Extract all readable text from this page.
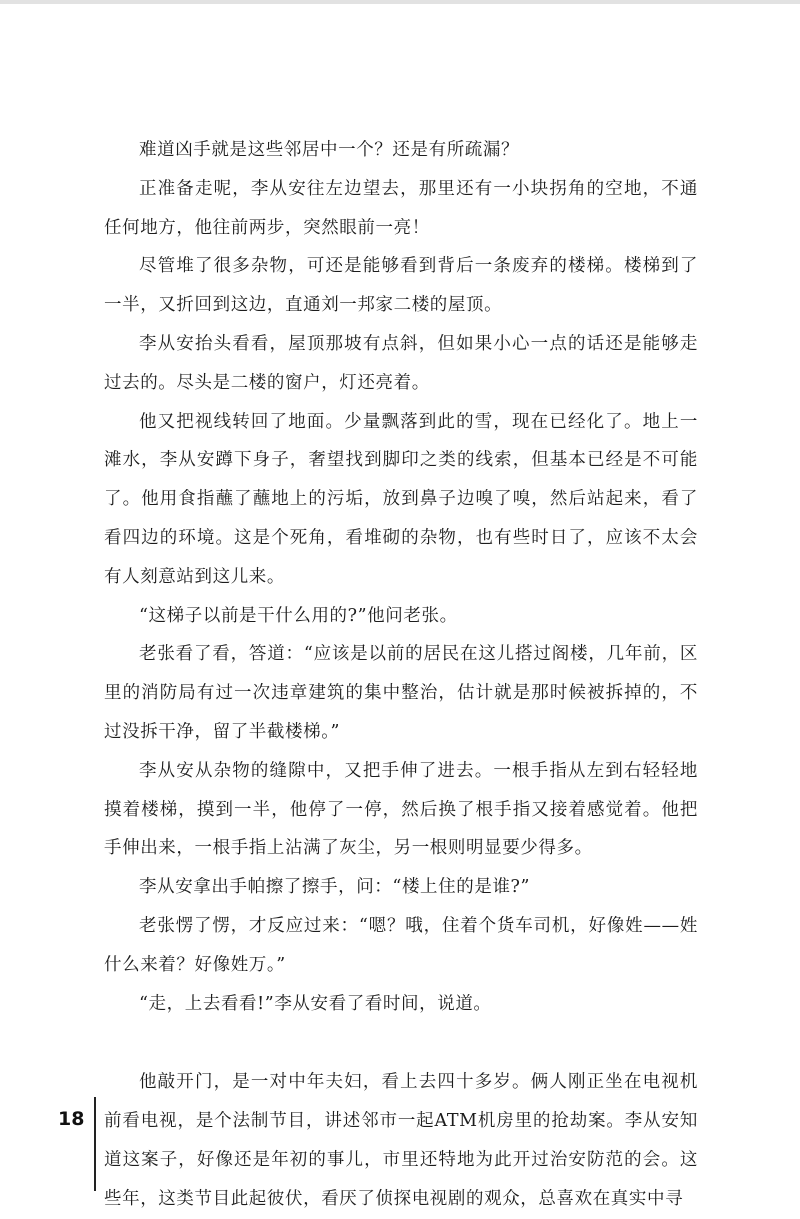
难道凶手就是这些邻居中一个？还是有所疏漏？

正准备走呢，李从安往左边望去，那里还有一小块拐角的空地，不通任何地方，他往前两步，突然眼前一亮！

尽管堆了很多杂物，可还是能够看到背后一条废弃的楼梯。楼梯到了一半，又折回到这边，直通刘一邦家二楼的屋顶。

李从安抬头看看，屋顶那坡有点斜，但如果小心一点的话还是能够走过去的。尽头是二楼的窗户，灯还亮着。

他又把视线转回了地面。少量飘落到此的雪，现在已经化了。地上一滩水，李从安蹲下身子，奢望找到脚印之类的线索，但基本已经是不可能了。他用食指蘸了蘸地上的污垢，放到鼻子边嗅了嗅，然后站起来，看了看四边的环境。这是个死角，看堆砌的杂物，也有些时日了，应该不太会有人刻意站到这儿来。

“这梯子以前是干什么用的?”他问老张。

老张看了看，答道：“应该是以前的居民在这儿搭过阁楼，几年前，区里的消防局有过一次违章建筑的集中整治，估计就是那时候被拆掉的，不过没拆干净，留了半截楼梯。”

李从安从杂物的缝隙中，又把手伸了进去。一根手指从左到右轻轻地摸着楼梯，摸到一半，他停了一停，然后换了根手指又接着感觉着。他把手伸出来，一根手指上沾满了灰尘，另一根则明显要少得多。

李从安拿出手帕擦了擦手，问：“楼上住的是谁?”

老张愣了愣，才反应过来：“嗯？哦，住着个货车司机，好像姓——姓什么来着？好像姓万。”

“走，上去看看!”李从安看了看时间，说道。

他敲开门，是一对中年夫妇，看上去四十多岁。俩人刚正坐在电视机前看电视，是个法制节目，讲述邻市一起ATM机房里的抢劫案。李从安知道这案子，好像还是年初的事儿，市里还特地为此开过治安防范的会。这些年，这类节目此起彼伏，看厌了侦探电视剧的观众，总喜欢在真实中寻

18
